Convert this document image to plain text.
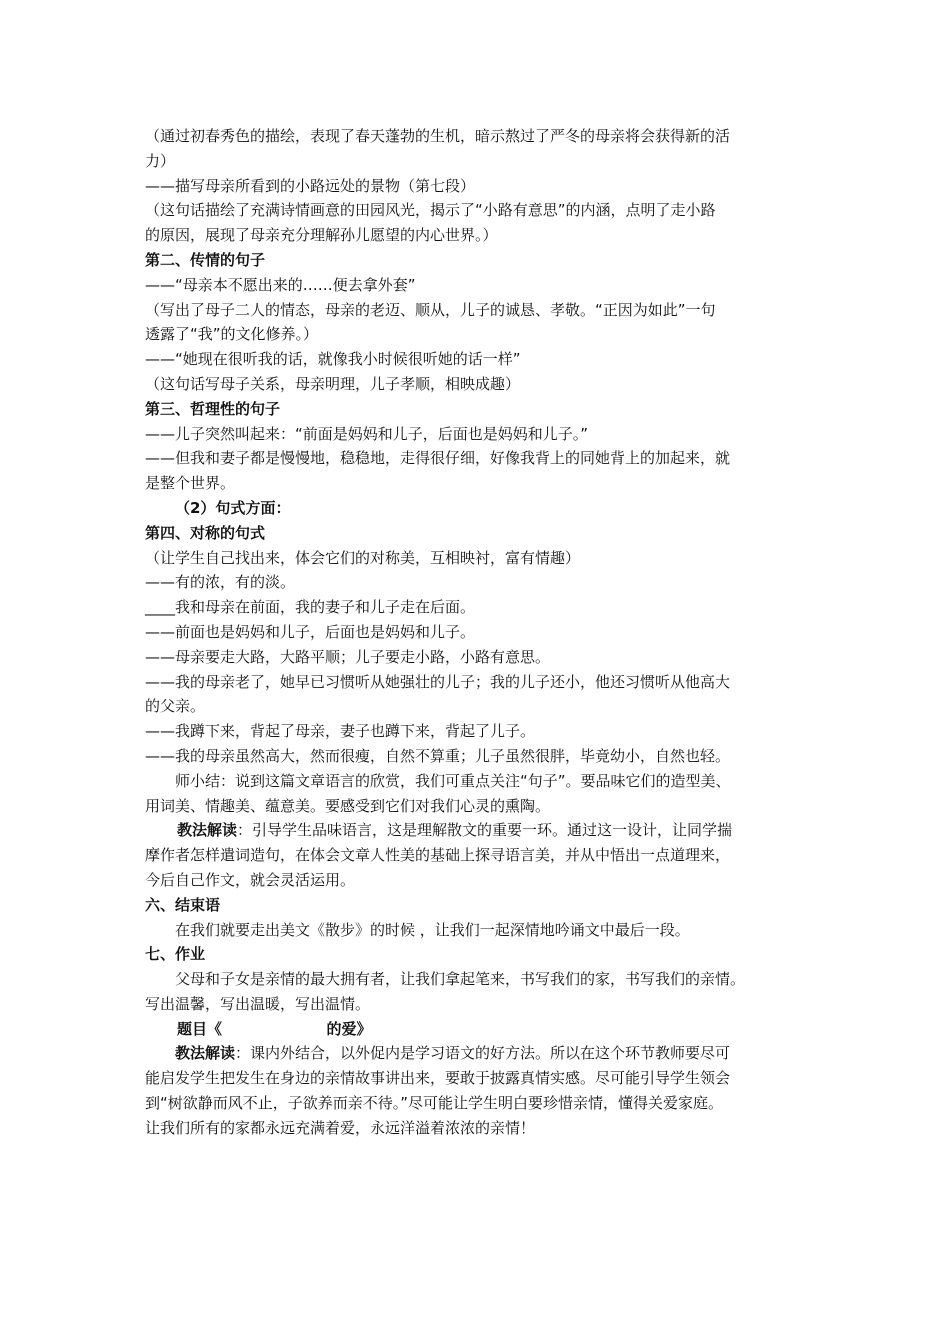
（通过初春秀色的描绘，表现了春天蓬勃的生机，暗示熬过了严冬的母亲将会获得新的活
力）
——描写母亲所看到的小路远处的景物（第七段）
（这句话描绘了充满诗情画意的田园风光，揭示了“小路有意思”的内涵，点明了走小路
的原因，展现了母亲充分理解孙儿愿望的内心世界。）
第二、传情的句子
——“母亲本不愿出来的……便去拿外套”
（写出了母子二人的情态，母亲的老迈、顺从，儿子的诚恳、孝敬。“正因为如此”一句
透露了“我”的文化修养。）
——“她现在很听我的话，就像我小时候很听她的话一样”
（这句话写母子关系，母亲明理，儿子孝顺，相映成趣）
第三、哲理性的句子
——儿子突然叫起来：“前面是妈妈和儿子，后面也是妈妈和儿子。”
——但我和妻子都是慢慢地，稳稳地，走得很仔细，好像我背上的同她背上的加起来，就
是整个世界。
（2）句式方面：
第四、对称的句式
（让学生自己找出来，体会它们的对称美，互相映衬，富有情趣）
——有的浓，有的淡。
____我和母亲在前面，我的妻子和儿子走在后面。
——前面也是妈妈和儿子，后面也是妈妈和儿子。
——母亲要走大路，大路平顺；儿子要走小路，小路有意思。
——我的母亲老了，她早已习惯听从她强壮的儿子；我的儿子还小，他还习惯听从他高大
的父亲。
——我蹲下来，背起了母亲，妻子也蹲下来，背起了儿子。
——我的母亲虽然高大，然而很瘦，自然不算重；儿子虽然很胖，毕竟幼小，自然也轻。
师小结：说到这篇文章语言的欣赏，我们可重点关注“句子”。要品味它们的造型美、
用词美、情趣美、蕴意美。要感受到它们对我们心灵的熏陶。
教法解读：引导学生品味语言，这是理解散文的重要一环。通过这一设计，让同学揣
摩作者怎样遣词造句，在体会文章人性美的基础上探寻语言美，并从中悟出一点道理来，
今后自己作文，就会灵活运用。
六、结束语
在我们就要走出美文《散步》的时候 ，让我们一起深情地吟诵文中最后一段。
七、作业
父母和子女是亲情的最大拥有者，让我们拿起笔来，书写我们的家，书写我们的亲情。
写出温馨，写出温暖，写出温情。
题目《                    的爱》
教法解读：课内外结合，以外促内是学习语文的好方法。所以在这个环节教师要尽可
能启发学生把发生在身边的亲情故事讲出来，要敢于披露真情实感。尽可能引导学生领会
到“树欲静而风不止，子欲养而亲不待。”尽可能让学生明白要珍惜亲情，懂得关爱家庭。
让我们所有的家都永远充满着爱，永远洋溢着浓浓的亲情！
